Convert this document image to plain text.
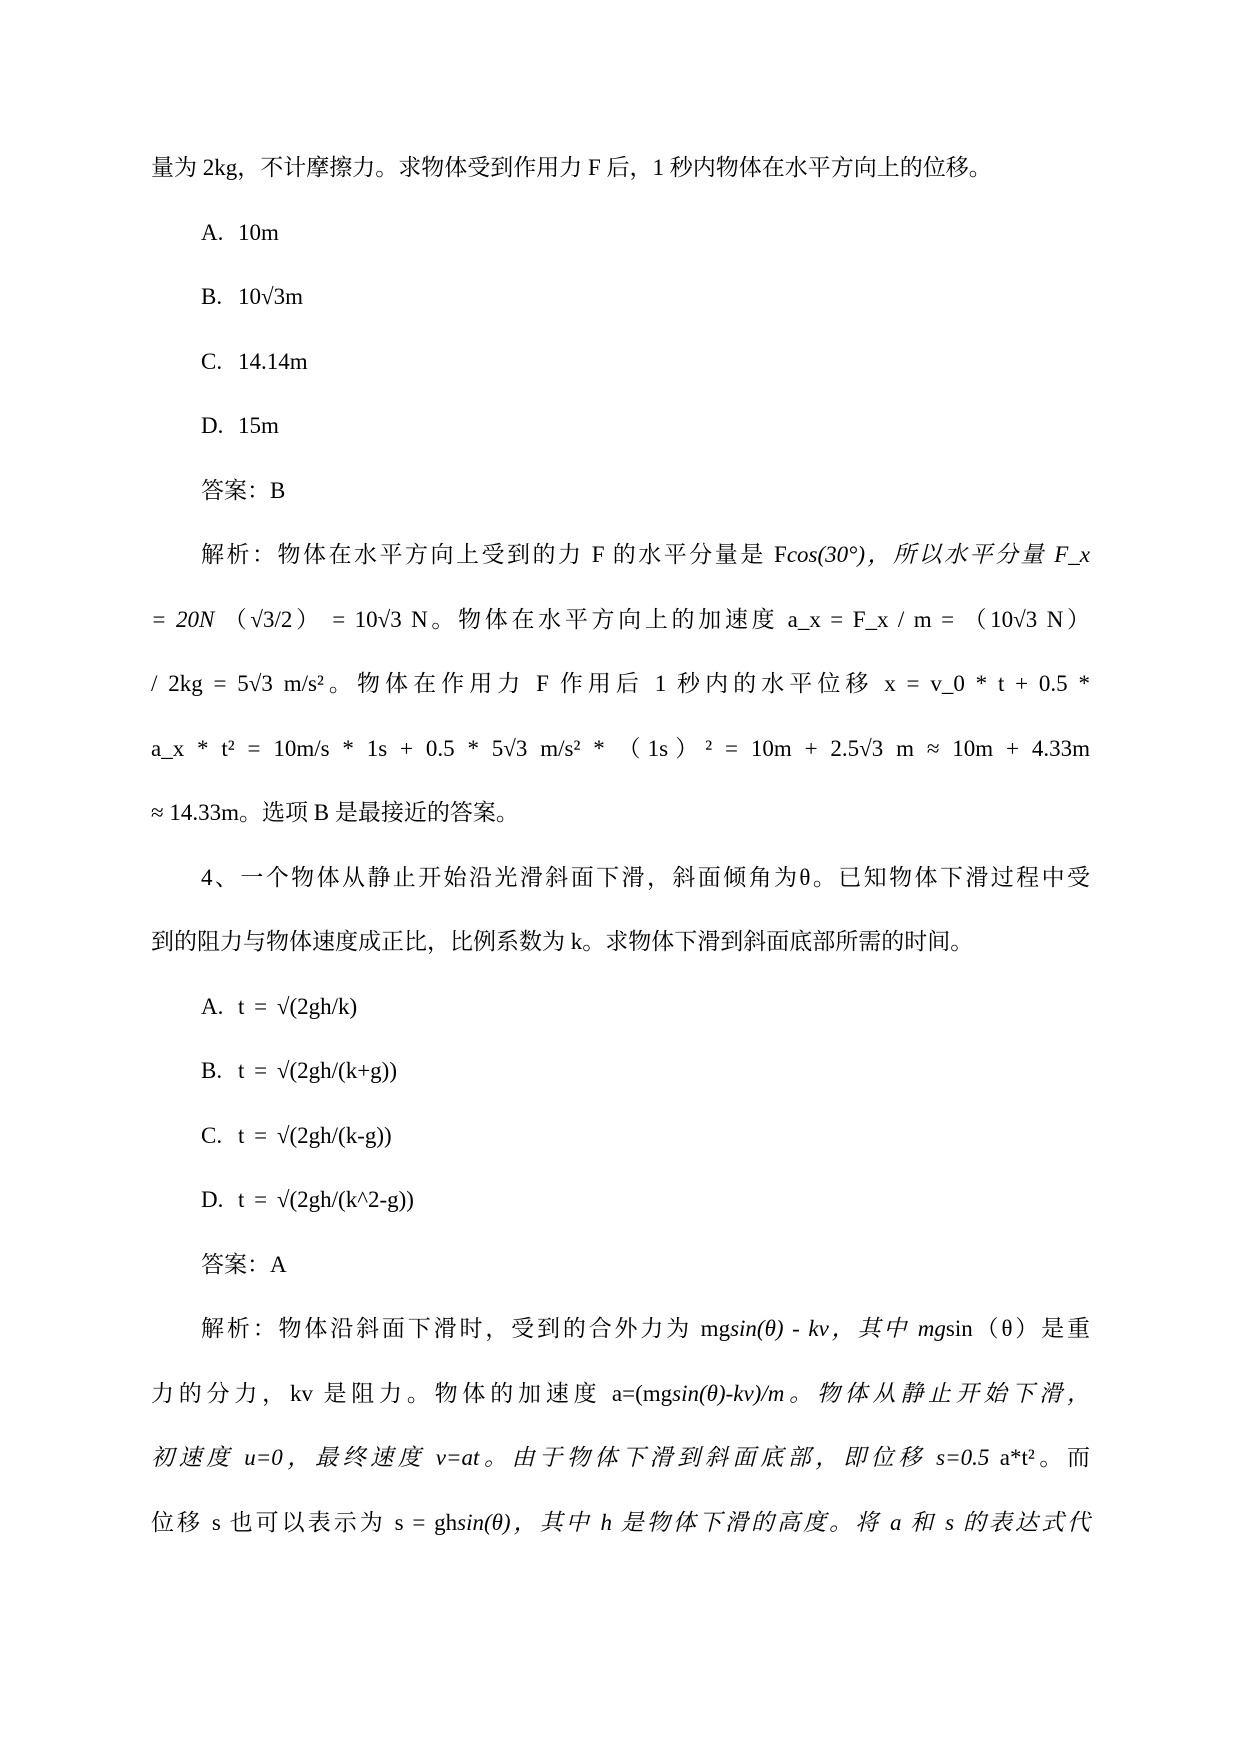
量为 2kg，不计摩擦力。求物体受到作用力 F 后，1 秒内物体在水平方向上的位移。
A. 10m
B. 10√3m
C. 14.14m
D. 15m
答案：B
解析：物体在水平方向上受到的力 F 的水平分量是 Fcos(30°)，所以水平分量 F_x
= 20N （√3/2） = 10√3 N。物体在水平方向上的加速度 a_x = F_x / m = （10√3 N）
/ 2kg = 5√3 m/s²。物体在作用力 F 作用后 1 秒内的水平位移 x = v_0 * t + 0.5 *
a_x * t² = 10m/s * 1s + 0.5 * 5√3 m/s² * （1s）² = 10m + 2.5√3 m ≈ 10m + 4.33m
≈ 14.33m。选项 B 是最接近的答案。
4、一个物体从静止开始沿光滑斜面下滑，斜面倾角为θ。已知物体下滑过程中受
到的阻力与物体速度成正比，比例系数为 k。求物体下滑到斜面底部所需的时间。
A. t = √(2gh/k)
B. t = √(2gh/(k+g))
C. t = √(2gh/(k-g))
D. t = √(2gh/(k^2-g))
答案：A
解析：物体沿斜面下滑时，受到的合外力为 mgsin(θ) - kv，其中 mgsin（θ）是重
力的分力，kv 是阻力。物体的加速度 a=(mgsin(θ)-kv)/m。物体从静止开始下滑，
初速度 u=0，最终速度 v=at。由于物体下滑到斜面底部，即位移 s=0.5 a*t²。而
位移 s 也可以表示为 s = ghsin(θ)，其中 h 是物体下滑的高度。将 a 和 s 的表达式代
